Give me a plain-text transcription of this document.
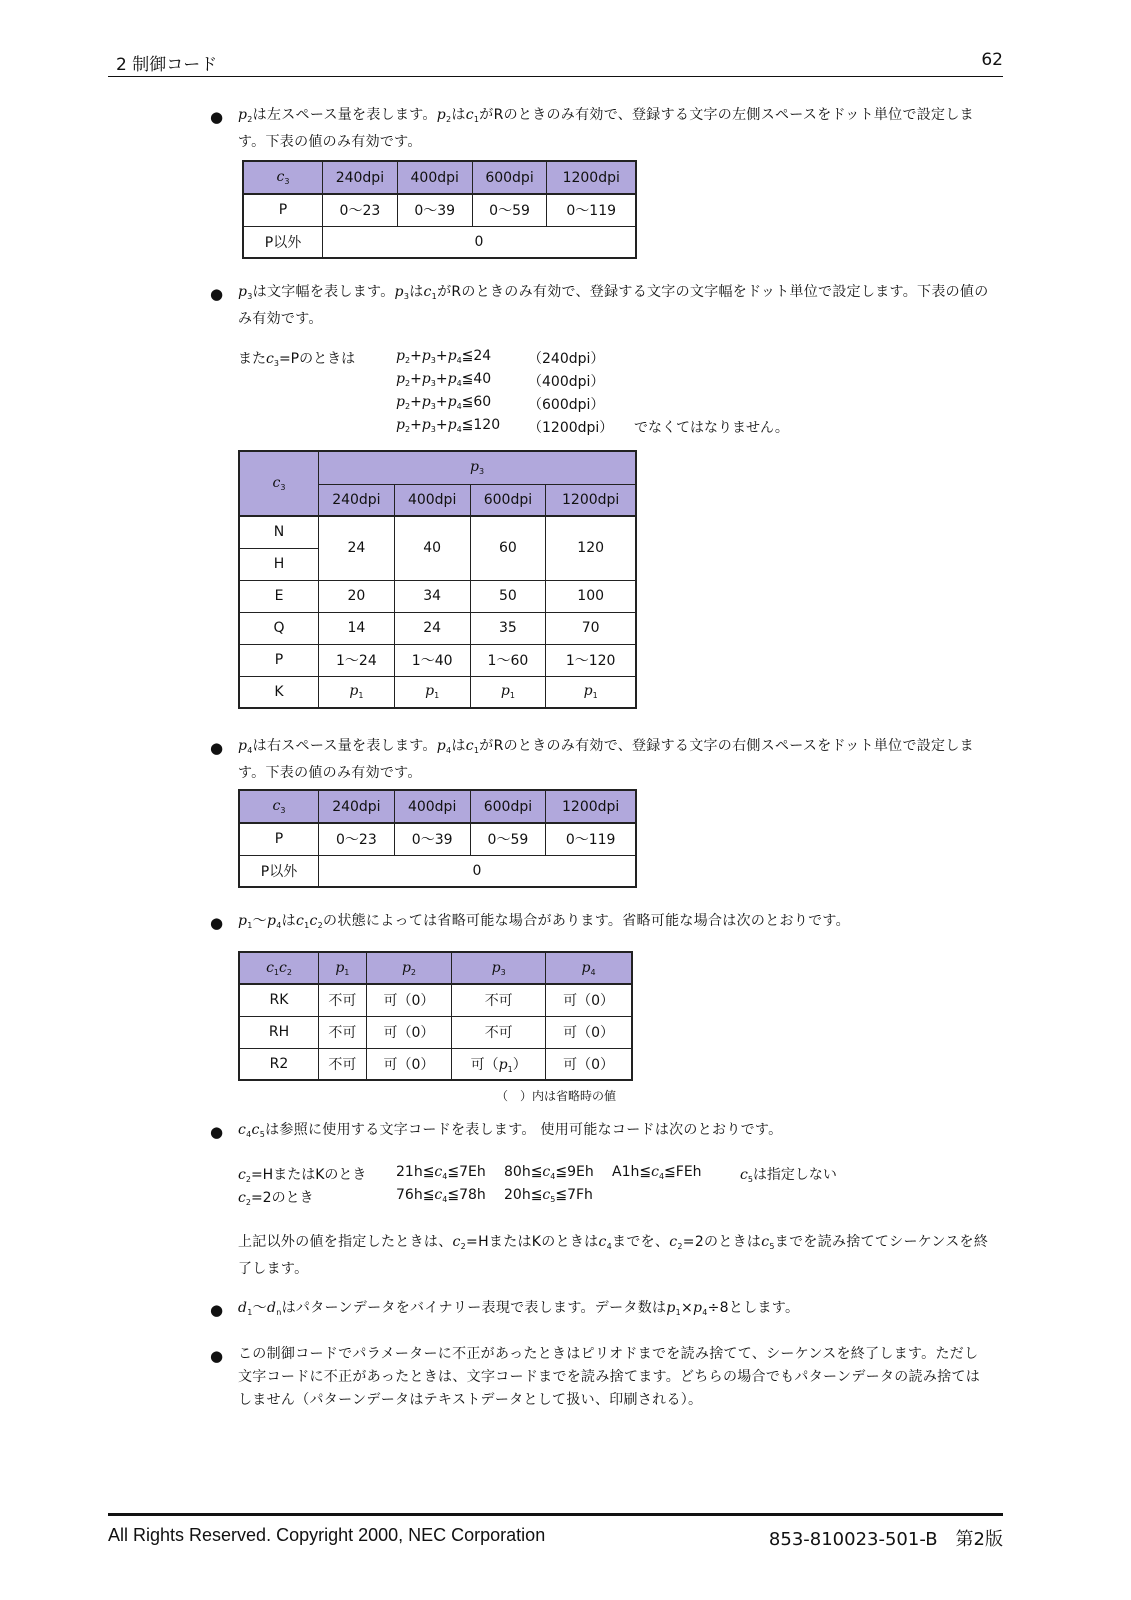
2 制御コード	62
● $p_2$は左スペース量を表します。$p_2$は$c_1$がRのときのみ有効で、登録する文字の左側スペースをドット単位で設定しま
す。下表の値のみ有効です。
$c_3$	240dpi	400dpi	600dpi	1200dpi
P	0〜23	0〜39	0〜59	0〜119
P以外	0			
● $p_3$は文字幅を表します。$p_3$は$c_1$がRのときのみ有効で、登録する文字の文字幅をドット単位で設定します。下表の値の
み有効です。
また$c_3=P$のときは	$p_2+p_3+p_4≦24$	（240dpi）
$p_2+p_3+p_4≦40$	（400dpi）
$p_2+p_3+p_4≦60$	（600dpi）
$p_2+p_3+p_4≦120$ （1200dpi） でなくてはなりません。
$c_3$	$p_3$
	240dpi	400dpi	600dpi	1200dpi
N	24	40	60	120
H				
E	20	34	50	100
Q	14	24	35	70
P	1〜24	1〜40	1〜60	1〜120
K	$p_1$	$p_1$	$p_1$	$p_1$
● $p_4$は右スペース量を表します。$p_4$は$c_1$がRのときのみ有効で、登録する文字の右側スペースをドット単位で設定しま
す。下表の値のみ有効です。
$c_3$	240dpi	400dpi	600dpi	1200dpi
P	0〜23	0〜39	0〜59	0〜119
P以外	0			
● $p_1$〜$p_4$は$c_1c_2$の状態によっては省略可能な場合があります。省略可能な場合は次のとおりです。
$c_1c_2$	$p_1$	$p_2$	$p_3$	$p_4$
RK	不可	可（0）	不可	可（0）
RH	不可	可（0）	不可	可（0）
R2	不可	可（0）	可$(p_1)$	可（0）
（　）内は省略時の値
● $c_4c_5$は参照に使用する文字コードを表します。 使用可能なコードは次のとおりです。
$c_2=H$またはKのとき $21h≦c_4≦7Eh$ $80h≦c_4≦9Eh$ $A1h≦c_4≦FEh$	$c_5$は指定しない
$c_2=2$のとき	$76h≦c_4≦78h$ $20h≦c_5≦7Fh$
上記以外の値を指定したときは、$c_2=H$またはKのときは$c_4$までを、$c_2=2$のときは$c_5$までを読み捨ててシーケンスを終
了します。
● $d_1$〜$d_n$はパターンデータをバイナリー表現で表します。データ数は$p_1\times p_4\div 8$とします。
● この制御コードでパラメーターに不正があったときはピリオドまでを読み捨てて、シーケンスを終了します。ただし
文字コードに不正があったときは、文字コードまでを読み捨てます。どちらの場合でもパターンデータの読み捨ては
しません（パターンデータはテキストデータとして扱い、印刷される）。
All Rights Reserved. Copyright 2000, NEC Corporation	853-810023-501-B　第2版
